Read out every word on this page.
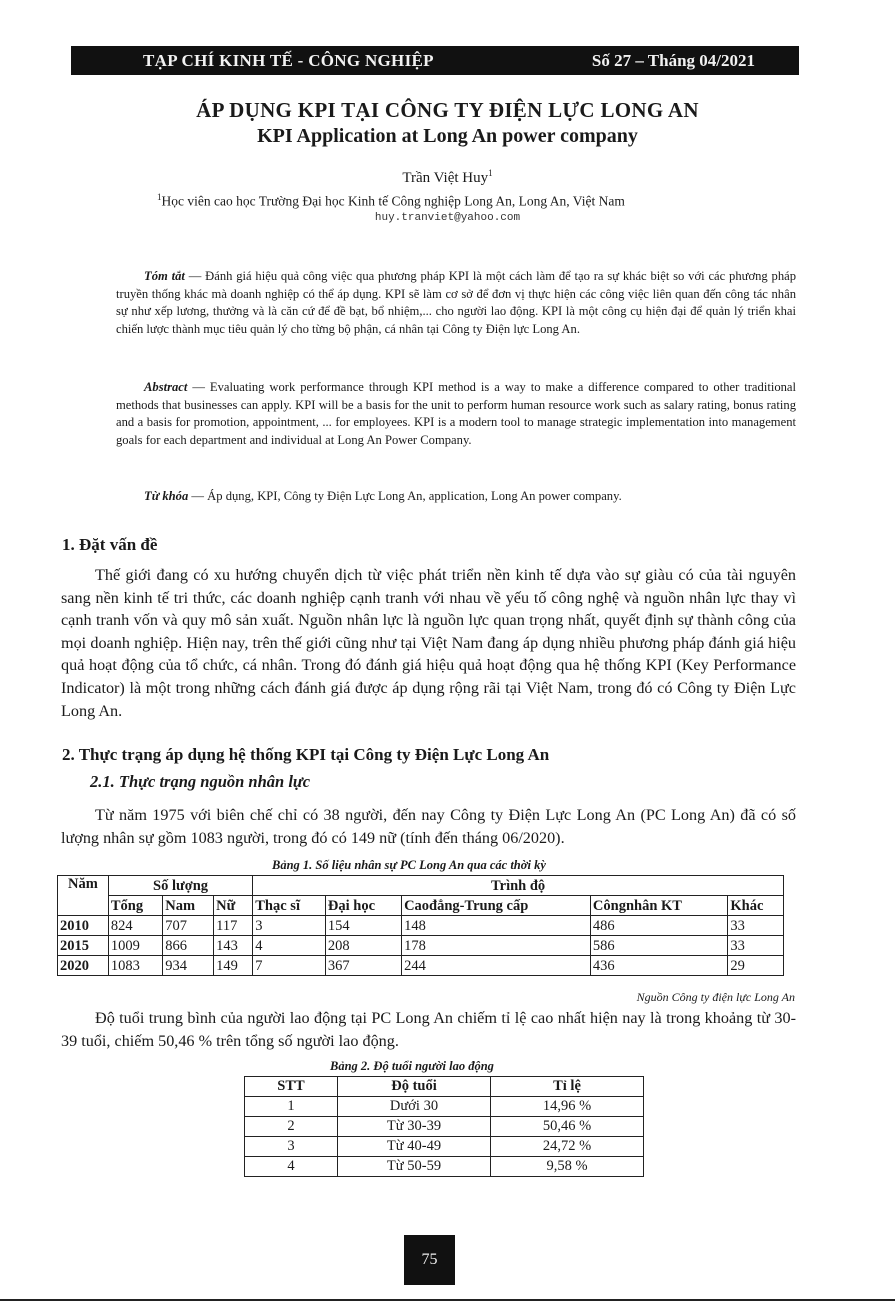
TẠP CHÍ KINH TẾ - CÔNG NGHIỆP	Số 27 – Tháng 04/2021
ÁP DỤNG KPI TẠI CÔNG TY ĐIỆN LỰC LONG AN
KPI Application at Long An power company
Trần Việt Huy$^1$
$^1$Học viên cao học Trường Đại học Kinh tế Công nghiệp Long An, Long An, Việt Nam
huy.tranviet@yahoo.com
Tóm tắt — Đánh giá hiệu quả công việc qua phương pháp KPI là một cách làm để tạo ra sự khác biệt so với các phương pháp truyền thống khác mà doanh nghiệp có thể áp dụng. KPI sẽ làm cơ sở để đơn vị thực hiện các công việc liên quan đến công tác nhân sự như xếp lương, thưởng và là căn cứ để đề bạt, bổ nhiệm,... cho người lao động. KPI là một công cụ hiện đại để quản lý triển khai chiến lược thành mục tiêu quản lý cho từng bộ phận, cá nhân tại Công ty Điện lực Long An.
Abstract — Evaluating work performance through KPI method is a way to make a difference compared to other traditional methods that businesses can apply. KPI will be a basis for the unit to perform human resource work such as salary rating, bonus rating and a basis for promotion, appointment, ... for employees. KPI is a modern tool to manage strategic implementation into management goals for each department and individual at Long An Power Company.
Từ khóa — Áp dụng, KPI, Công ty Điện Lực Long An, application, Long An power company.
1. Đặt vấn đề
Thế giới đang có xu hướng chuyển dịch từ việc phát triển nền kinh tế dựa vào sự giàu có của tài nguyên sang nền kinh tế tri thức, các doanh nghiệp cạnh tranh với nhau về yếu tố công nghệ và nguồn nhân lực thay vì cạnh tranh vốn và quy mô sản xuất. Nguồn nhân lực là nguồn lực quan trọng nhất, quyết định sự thành công của mọi doanh nghiệp. Hiện nay, trên thế giới cũng như tại Việt Nam đang áp dụng nhiều phương pháp đánh giá hiệu quả hoạt động của tổ chức, cá nhân. Trong đó đánh giá hiệu quả hoạt động qua hệ thống KPI (Key Performance Indicator) là một trong những cách đánh giá được áp dụng rộng rãi tại Việt Nam, trong đó có Công ty Điện Lực Long An.
2. Thực trạng áp dụng hệ thống KPI tại Công ty Điện Lực Long An
2.1. Thực trạng nguồn nhân lực
Từ năm 1975 với biên chế chỉ có 38 người, đến nay Công ty Điện Lực Long An (PC Long An) đã có số lượng nhân sự gồm 1083 người, trong đó có 149 nữ (tính đến tháng 06/2020).
Bảng 1. Số liệu nhân sự PC Long An qua các thời kỳ
Năm	Số lượng			Trình độ				
	Tổng	Nam	Nữ	Thạc sĩ	Đại học	Caođẳng-Trung cấp	Côngnhân KT	Khác
2010	824	707	117	3	154	148	486	33
2015	1009	866	143	4	208	178	586	33
2020	1083	934	149	7	367	244	436	29
Nguồn Công ty điện lực Long An
Độ tuổi trung bình của người lao động tại PC Long An chiếm tỉ lệ cao nhất hiện nay là trong khoảng từ 30-39 tuổi, chiếm 50,46 % trên tổng số người lao động.
Bảng 2. Độ tuổi người lao động
STT	Độ tuổi	Tỉ lệ
1	Dưới 30	14,96 %
2	Từ 30-39	50,46 %
3	Từ 40-49	24,72 %
4	Từ 50-59	9,58 %
75
